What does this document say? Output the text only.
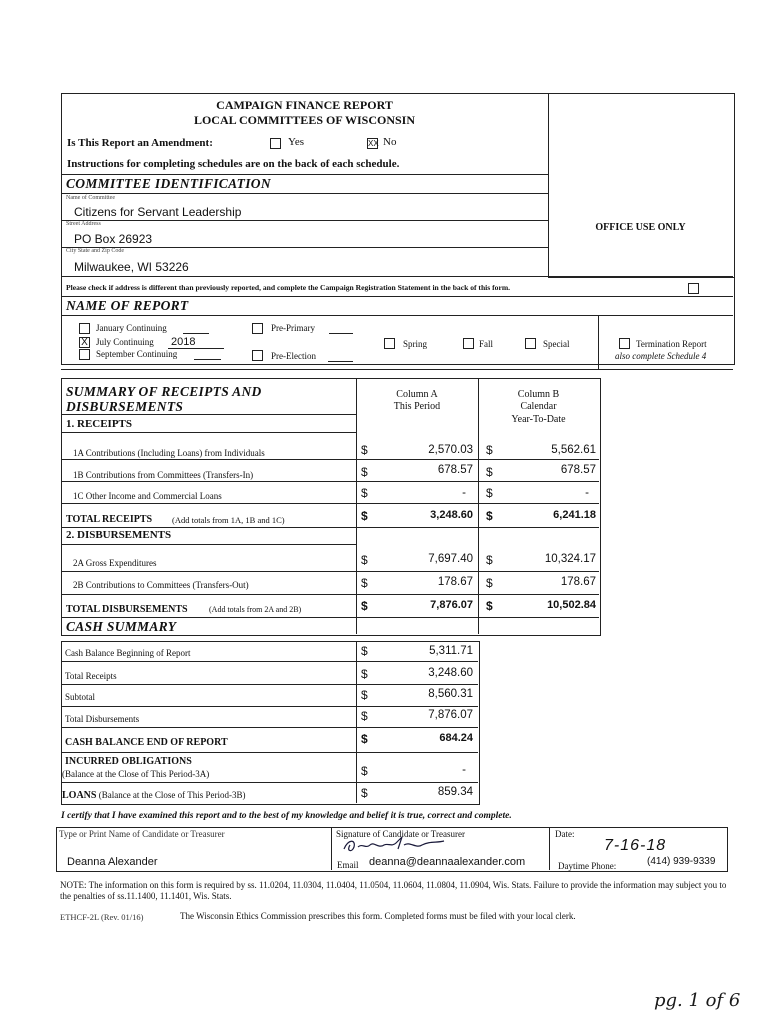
CAMPAIGN FINANCE REPORT
LOCAL COMMITTEES OF WISCONSIN
Is This Report an Amendment:	Yes	XX No
Instructions for completing schedules are on the back of each schedule.
OFFICE USE ONLY
COMMITTEE IDENTIFICATION
Name of Committee
Citizens for Servant Leadership
Street Address
PO Box 26923
City State and Zip Code
Milwaukee, WI 53226
Please check if address is different than previously reported, and complete the Campaign Registration Statement in the back of this form.
NAME OF REPORT
January Continuing
X July Continuing 2018
September Continuing
Pre-Primary
Pre-Election
Spring	Fall	Special	Termination Report
also complete Schedule 4
SUMMARY OF RECEIPTS AND
DISBURSEMENTS
Column A
This Period
Column B
Calendar
Year-To-Date
1. RECEIPTS
1A Contributions (Including Loans) from Individuals	$	2,570.03 $	5,562.61
1B Contributions from Committees (Transfers-In)	$	678.57 $	678.57
1C Other Income and Commercial Loans	$	- $	-
TOTAL RECEIPTS (Add totals from 1A, 1B and 1C)	$	3,248.60 $	6,241.18
2. DISBURSEMENTS
2A Gross Expenditures	$	7,697.40 $	10,324.17
2B Contributions to Committees (Transfers-Out)	$	178.67 $	178.67
TOTAL DISBURSEMENTS	(Add totals from 2A and 2B)	$	7,876.07 $	10,502.84
CASH SUMMARY
Cash Balance Beginning of Report	$	5,311.71
Total Receipts	$	3,248.60
Subtotal	$	8,560.31
Total Disbursements	$	7,876.07
CASH BALANCE END OF REPORT	$	684.24
INCURRED OBLIGATIONS
(Balance at the Close of This Period-3A)	$	-
LOANS (Balance at the Close of This Period-3B)	$	859.34
I certify that I have examined this report and to the best of my knowledge and belief it is true, correct and complete.
Type or Print Name of Candidate or Treasurer
Deanna Alexander
Signature of Candidate or Treasurer
Email deanna@deannaalexander.com
Date:
7-16-18
Daytime Phone:	(414) 939-9339
NOTE: The information on this form is required by ss. 11.0204, 11.0304, 11.0404, 11.0504, 11.0604, 11.0804, 11.0904, Wis. Stats. Failure to provide the information may subject you to the penalties of ss.11.1400, 11.1401, Wis. Stats.
ETHCF-2L (Rev. 01/16)	The Wisconsin Ethics Commission prescribes this form. Completed forms must be filed with your local clerk.
pg. 1 of 6
